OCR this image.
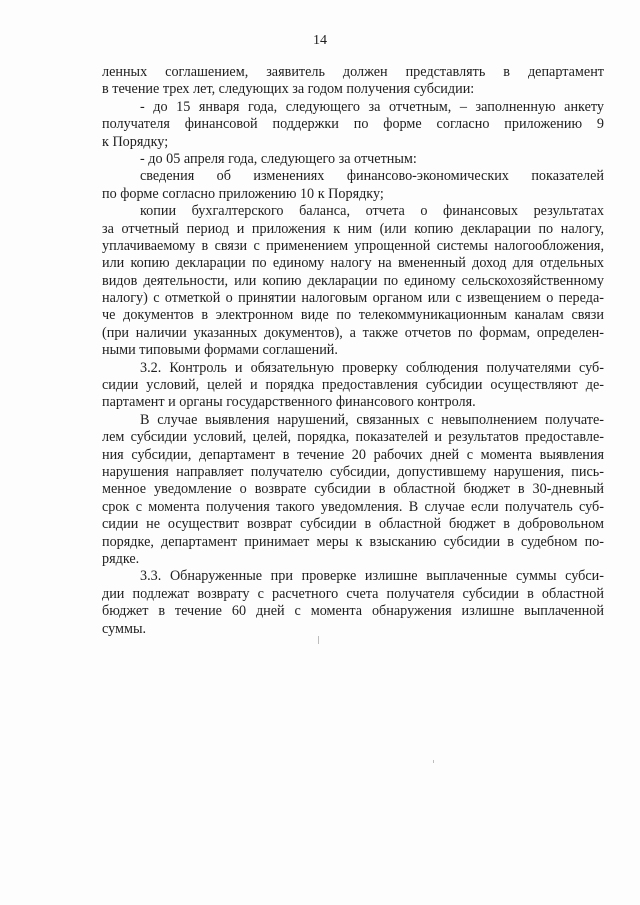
14
ленных соглашением, заявитель должен представлять в департамент
в течение трех лет, следующих за годом получения субсидии:
- до 15 января года, следующего за отчетным, – заполненную анкету
получателя финансовой поддержки по форме согласно приложению 9
к Порядку;
- до 05 апреля года, следующего за отчетным:
сведения об изменениях финансово-экономических показателей
по форме согласно приложению 10 к Порядку;
копии бухгалтерского баланса, отчета о финансовых результатах
за отчетный период и приложения к ним (или копию декларации по налогу,
уплачиваемому в связи с применением упрощенной системы налогообложения,
или копию декларации по единому налогу на вмененный доход для отдельных
видов деятельности, или копию декларации по единому сельскохозяйственному
налогу) с отметкой о принятии налоговым органом или с извещением о переда-
че документов в электронном виде по телекоммуникационным каналам связи
(при наличии указанных документов), а также отчетов по формам, определен-
ными типовыми формами соглашений.
3.2. Контроль и обязательную проверку соблюдения получателями суб-
сидии условий, целей и порядка предоставления субсидии осуществляют де-
партамент и органы государственного финансового контроля.
В случае выявления нарушений, связанных с невыполнением получате-
лем субсидии условий, целей, порядка, показателей и результатов предоставле-
ния субсидии, департамент в течение 20 рабочих дней с момента выявления
нарушения направляет получателю субсидии, допустившему нарушения, пись-
менное уведомление о возврате субсидии в областной бюджет в 30-дневный
срок с момента получения такого уведомления. В случае если получатель суб-
сидии не осуществит возврат субсидии в областной бюджет в добровольном
порядке, департамент принимает меры к взысканию субсидии в судебном по-
рядке.
3.3. Обнаруженные при проверке излишне выплаченные суммы субси-
дии подлежат возврату с расчетного счета получателя субсидии в областной
бюджет в течение 60 дней с момента обнаружения излишне выплаченной
суммы.
